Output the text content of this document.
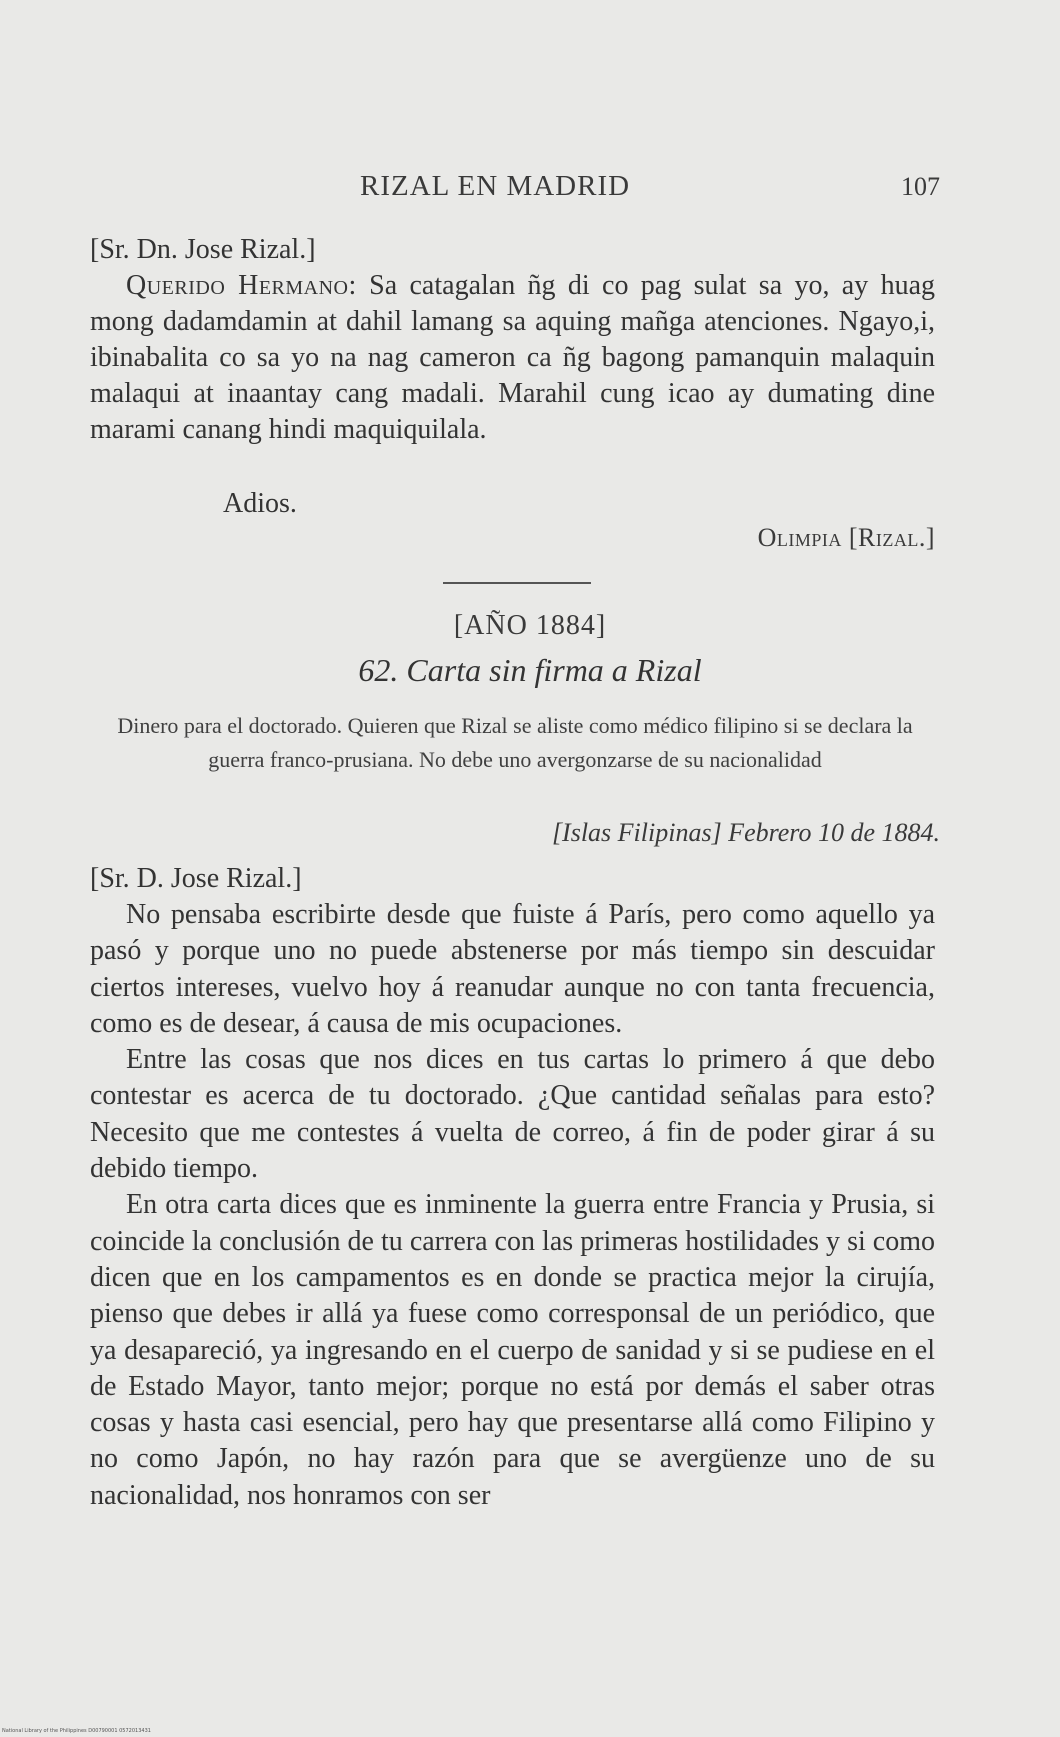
RIZAL EN MADRID	107
[Sr. Dn. Jose Rizal.]

Querido Hermano: Sa catagalan ñg di co pag sulat sa yo, ay huag mong dadamdamin at dahil lamang sa aquing mañga atenciones. Ngayo,i, ibinabalita co sa yo na nag cameron ca ñg bagong pamanquin malaquin malaqui at inaantay cang madali. Marahil cung icao ay dumating dine marami canang hindi maquiquilala.

Adios.
Olimpia [Rizal.]
[AÑO 1884]
62. Carta sin firma a Rizal
Dinero para el doctorado. Quieren que Rizal se aliste como médico filipino si se declara la guerra franco-prusiana. No debe uno avergonzarse de su nacionalidad
[Islas Filipinas] Febrero 10 de 1884.
[Sr. D. Jose Rizal.]

No pensaba escribirte desde que fuiste á París, pero como aquello ya pasó y porque uno no puede abstenerse por más tiempo sin descuidar ciertos intereses, vuelvo hoy á reanudar aunque no con tanta frecuencia, como es de desear, á causa de mis ocupaciones.

Entre las cosas que nos dices en tus cartas lo primero á que debo contestar es acerca de tu doctorado. ¿Que cantidad señalas para esto? Necesito que me contestes á vuelta de correo, á fin de poder girar á su debido tiempo.

En otra carta dices que es inminente la guerra entre Francia y Prusia, si coincide la conclusión de tu carrera con las primeras hostilidades y si como dicen que en los campamentos es en donde se practica mejor la cirujía, pienso que debes ir allá ya fuese como corresponsal de un periódico, que ya desapareció, ya ingresando en el cuerpo de sanidad y si se pudiese en el de Estado Mayor, tanto mejor; porque no está por demás el saber otras cosas y hasta casi esencial, pero hay que presentarse allá como Filipino y no como Japón, no hay razón para que se avergüenze uno de su nacionalidad, nos honramos con ser

National Library of the Philippines D00790001 0572013431
